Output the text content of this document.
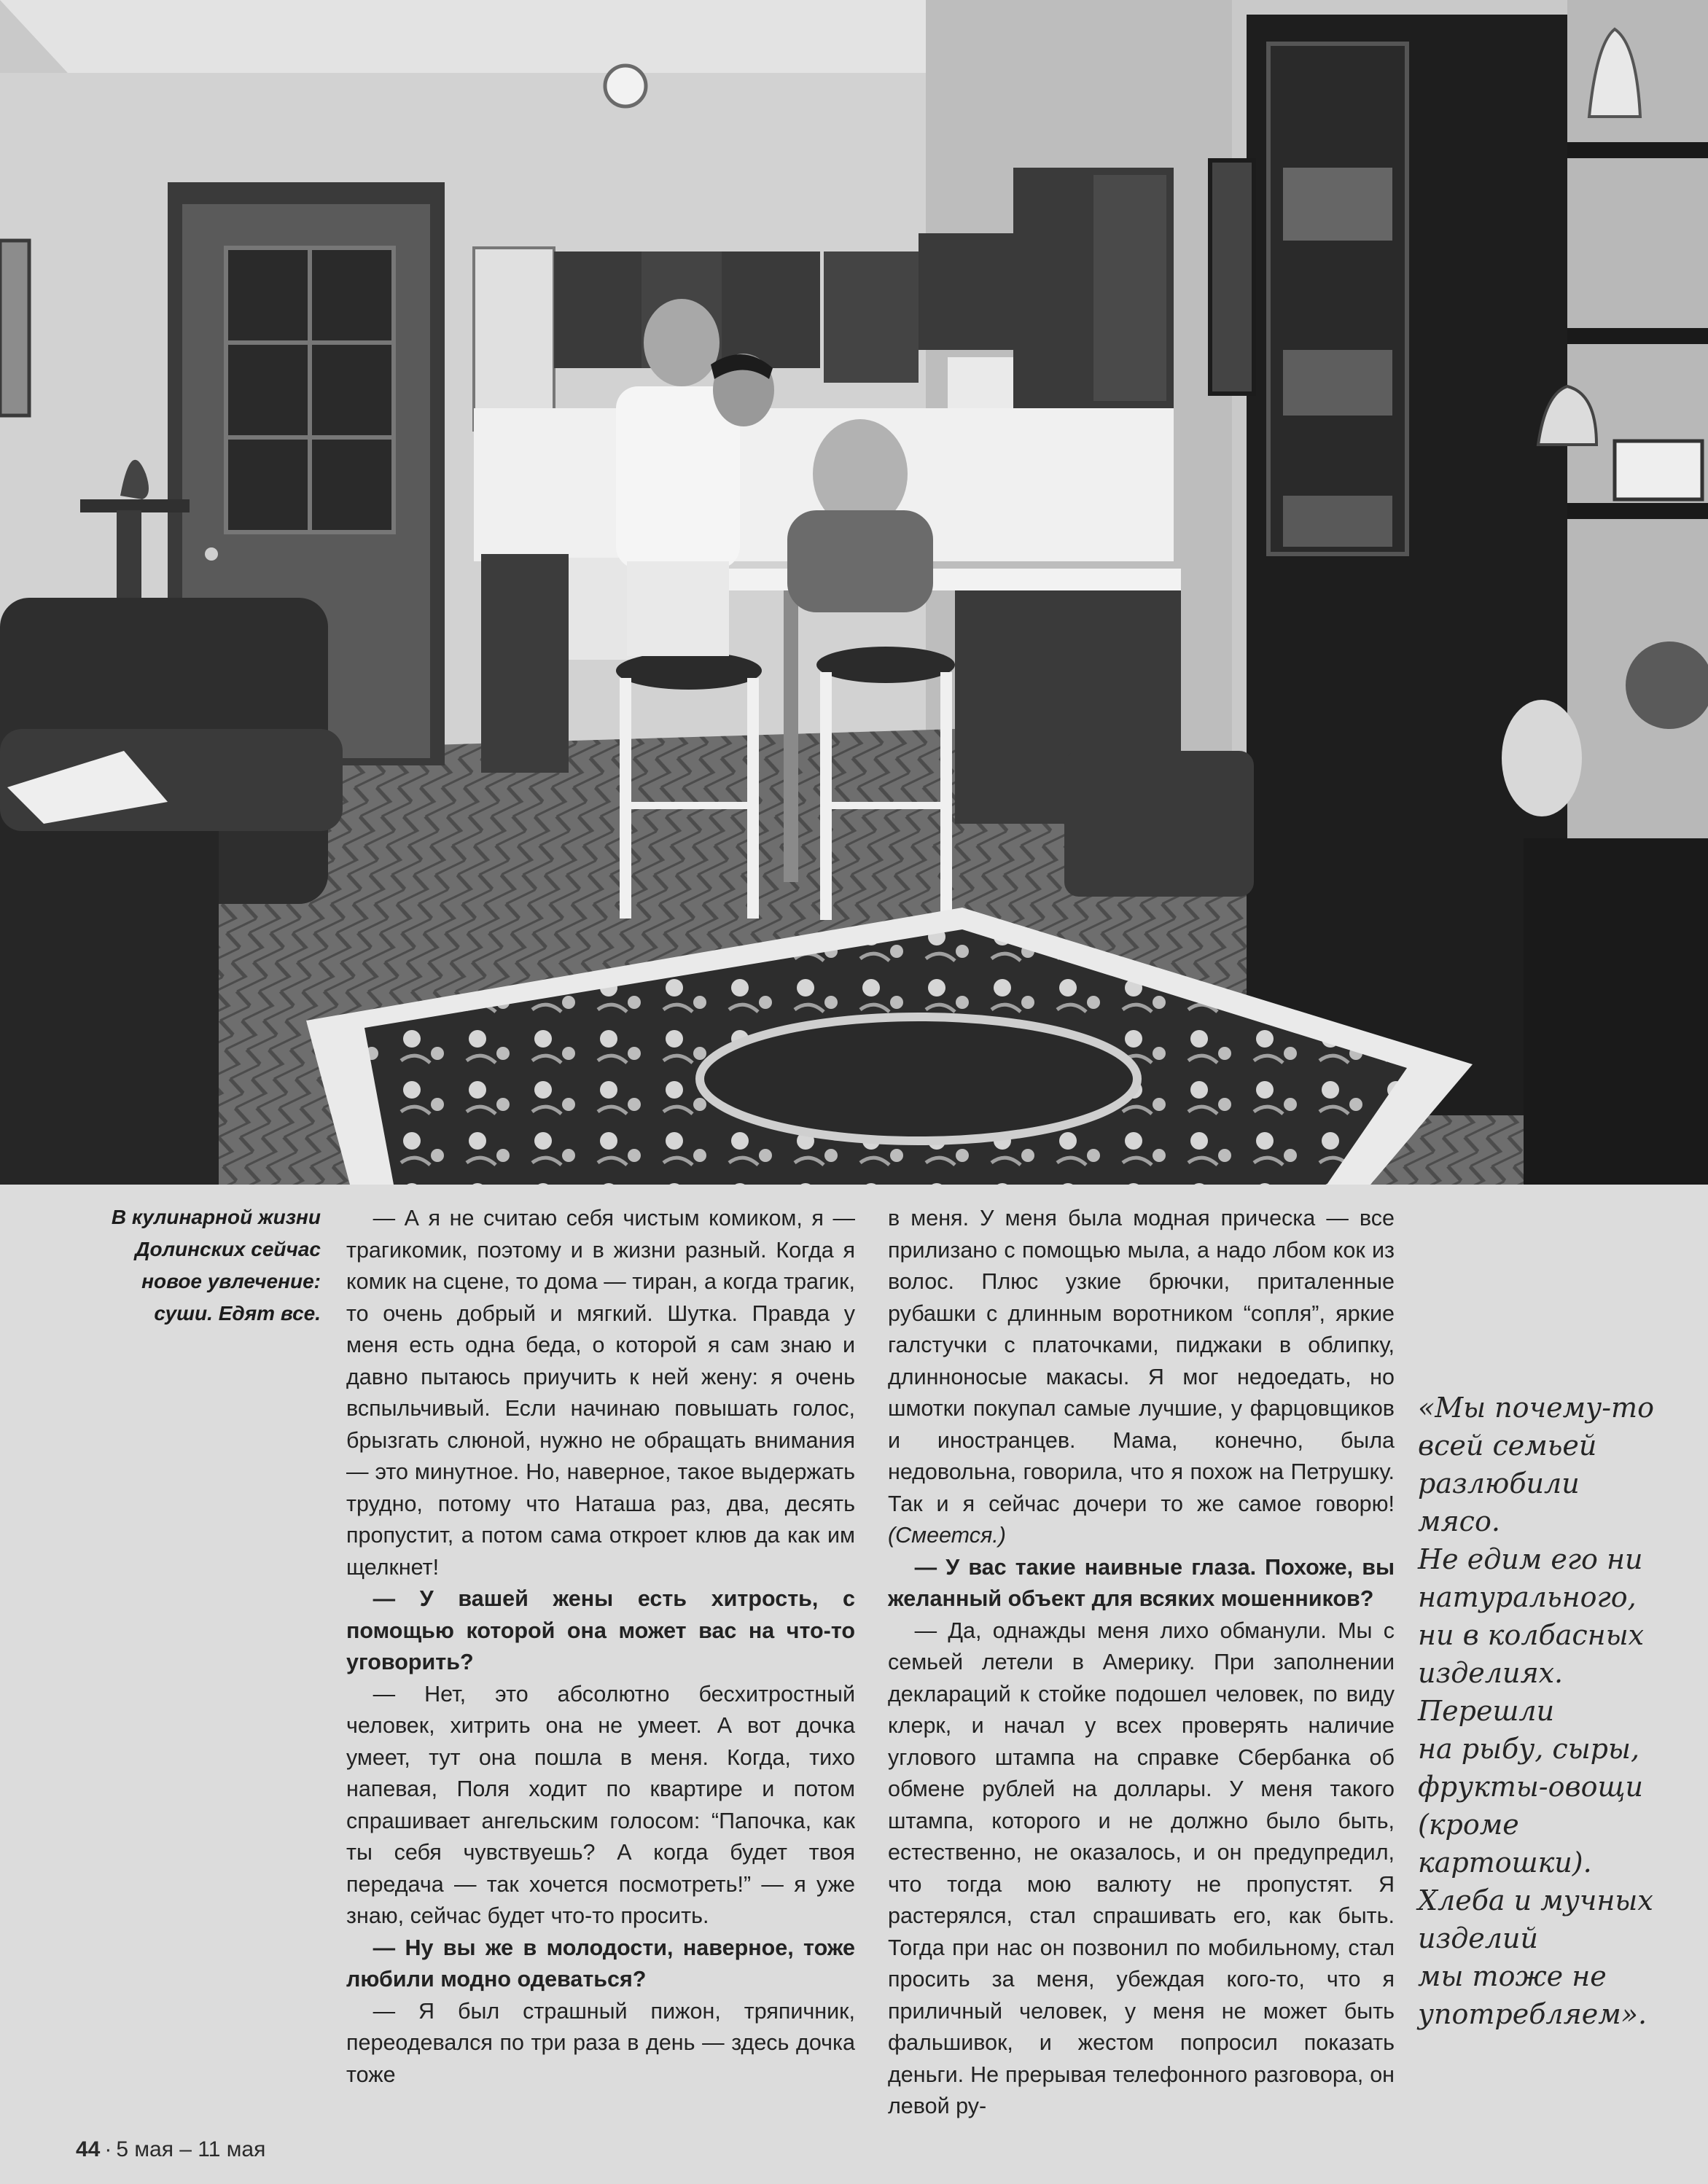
В кулинарной жизни
Долинских сейчас
новое увлечение:
суши. Едят все.

— А я не считаю себя чистым комиком, я — трагикомик, поэтому и в жизни разный. Когда я комик на сцене, то дома — тиран, а когда трагик, то очень добрый и мягкий. Шутка. Правда у меня есть одна беда, о которой я сам знаю и давно пытаюсь приучить к ней жену: я очень вспыльчивый. Если начинаю повышать голос, брызгать слюной, нужно не обращать внимания — это минутное. Но, наверное, такое выдержать трудно, потому что Наташа раз, два, десять пропустит, а потом сама откроет клюв да как им щелкнет!

— У вашей жены есть хитрость, с помощью которой она может вас на что-то уговорить?

— Нет, это абсолютно бесхитростный человек, хитрить она не умеет. А вот дочка умеет, тут она пошла в меня. Когда, тихо напевая, Поля ходит по квартире и потом спрашивает ангельским голосом: “Папочка, как ты себя чувствуешь? А когда будет твоя передача — так хочется посмотреть!” — я уже знаю, сейчас будет что-то просить.

— Ну вы же в молодости, наверное, тоже любили модно одеваться?

— Я был страшный пижон, тряпичник, переодевался по три раза в день — здесь дочка тоже

в меня. У меня была модная прическа — все прилизано с помощью мыла, а надо лбом кок из волос. Плюс узкие брючки, приталенные рубашки с длинным воротником “сопля”, яркие галстучки с платочками, пиджаки в облипку, длинноносые макасы. Я мог недоедать, но шмотки покупал самые лучшие, у фарцовщиков и иностранцев. Мама, конечно, была недовольна, говорила, что я похож на Петрушку. Так и я сейчас дочери то же самое говорю! (Смеется.)

— У вас такие наивные глаза. Похоже, вы желанный объект для всяких мошенников?

— Да, однажды меня лихо обманули. Мы с семьей летели в Америку. При заполнении деклараций к стойке подошел человек, по виду клерк, и начал у всех проверять наличие углового штампа на справке Сбербанка об обмене рублей на доллары. У меня такого штампа, которого и не должно было быть, естественно, не оказалось, и он предупредил, что тогда мою валюту не пропустят. Я растерялся, стал спрашивать его, как быть. Тогда при нас он позвонил по мобильному, стал просить за меня, убеждая кого-то, что я приличный человек, у меня не может быть фальшивок, и жестом попросил показать деньги. Не прерывая телефонного разговора, он левой ру-

«Мы почему-то
всей семьей
разлюбили
мясо.
Не едим его ни
натурального,
ни в колбасных
изделиях.
Перешли
на рыбу, сыры,
фрукты-овощи
(кроме
картошки).
Хлеба и мучных
изделий
мы тоже не
употребляем».
44 · 5 мая – 11 мая
